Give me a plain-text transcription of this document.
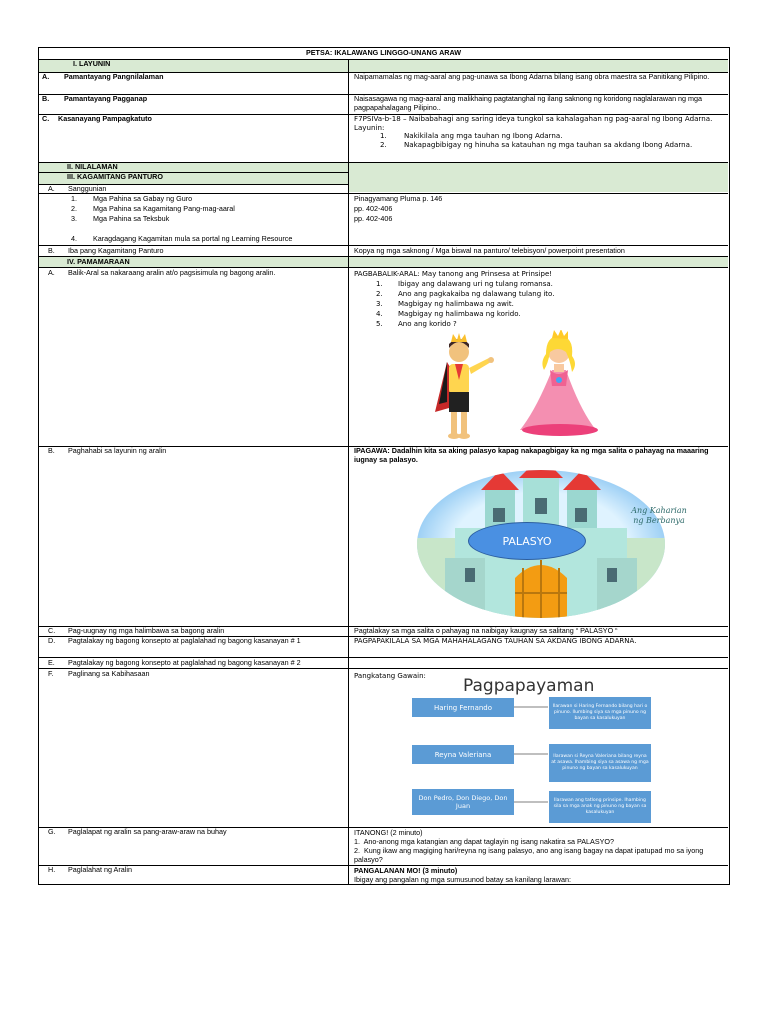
PETSA: IKALAWANG LINGGO-UNANG ARAW
I. LAYUNIN
A.	Pamantayang Pangnilalaman	Naipamamalas ng mag-aaral ang pag-unawa sa Ibong Adarna bilang isang obra maestra sa Panitikang Pilipino.
B.	Pamantayang Pagganap	Naisasagawa ng mag-aaral ang malikhaing pagtatanghal ng ilang saknong ng koridong naglalarawan ng mga pagpapahalagang Pilipino..
C.	Kasanayang Pampagkatuto	F7PSIVa-b-18 – Naibabahagi ang saring ideya tungkol sa kahalagahan ng pag-aaral ng Ibong Adarna.
Layunin:
1. Nakikilala ang mga tauhan ng Ibong Adarna.
2. Nakapagbibigay ng hinuha sa katauhan ng mga tauhan sa akdang Ibong Adarna.
II. NILALAMAN
III. KAGAMITANG PANTURO
A.	Sanggunian
1. Mga Pahina sa Gabay ng Guro	Pinagyamang Pluma p. 146
2. Mga Pahina sa Kagamitang Pang-mag-aaral	pp. 402-406
3. Mga Pahina sa Teksbuk	pp. 402-406
4. Karagdagang Kagamitan mula sa portal ng Learning Resource
B.	Iba pang Kagamitang Panturo	Kopya ng mga saknong / Mga biswal na panturo/ telebisyon/ powerpoint presentation
IV. PAMAMARAAN
A.	Balik-Aral sa nakaraang aralin at/o pagsisimula ng bagong aralin.	PAGBABALIK-ARAL: May tanong ang Prinsesa at Prinsipe!
1. Ibigay ang dalawang uri ng tulang romansa.
2. Ano ang pagkakaiba ng dalawang tulang ito.
3. Magbigay ng halimbawa ng awit.
4. Magbigay ng halimbawa ng korido.
5. Ano ang korido ?
B.	Paghahabi sa layunin ng aralin	IPAGAWA: Dadalhin kita sa aking palasyo kapag nakapagbigay ka ng mga salita o pahayag na maaaring iugnay sa palasyo.
Ang Kaharian
ng Berbanya
PALASYO
C.	Pag-uugnay ng mga halimbawa sa bagong aralin	Pagtalakay sa mga salita o pahayag na naibigay kaugnay sa salitang “ PALASYO “
D.	Pagtalakay ng bagong konsepto at paglalahad ng bagong kasanayan # 1	PAGPAPAKILALA SA MGA MAHAHALAGANG TAUHAN SA AKDANG IBONG ADARNA.
E.	Pagtalakay ng bagong konsepto at paglalahad ng bagong kasanayan # 2
F.	Paglinang sa Kabihasaan	Pangkatang Gawain:	Pagpapayaman
Haring Fernando	Ilarawan si Haring Fernando bilang hari o pinuno. Ilumbing siya sa mga pinuno ng bayan sa kasalukuyan
Reyna Valeriana	Ilarawan si Reyna Valeriana bilang reyna at asawa. Ihambing siya sa asawa ng mga pinuno ng bayan sa kasalukuyan
Don Pedro, Don Diego, Don Juan
Ilarawan ang tatlong prinsipe. Ihambing sila sa mga anak ng pinuno ng bayan sa kasalukuyan
G.	Paglalapat ng aralin sa pang-araw-araw na buhay	ITANONG! (2 minuto)
1. Ano-anong mga katangian ang dapat taglayin ng isang nakatira sa PALASYO?
2. Kung ikaw ang magiging hari/reyna ng isang palasyo, ano ang isang bagay na dapat ipatupad mo sa iyong palasyo?
H.	Paglalahat ng Aralin	PANGALANAN MO! (3 minuto)
Ibigay ang pangalan ng mga sumusunod batay sa kanilang larawan:
